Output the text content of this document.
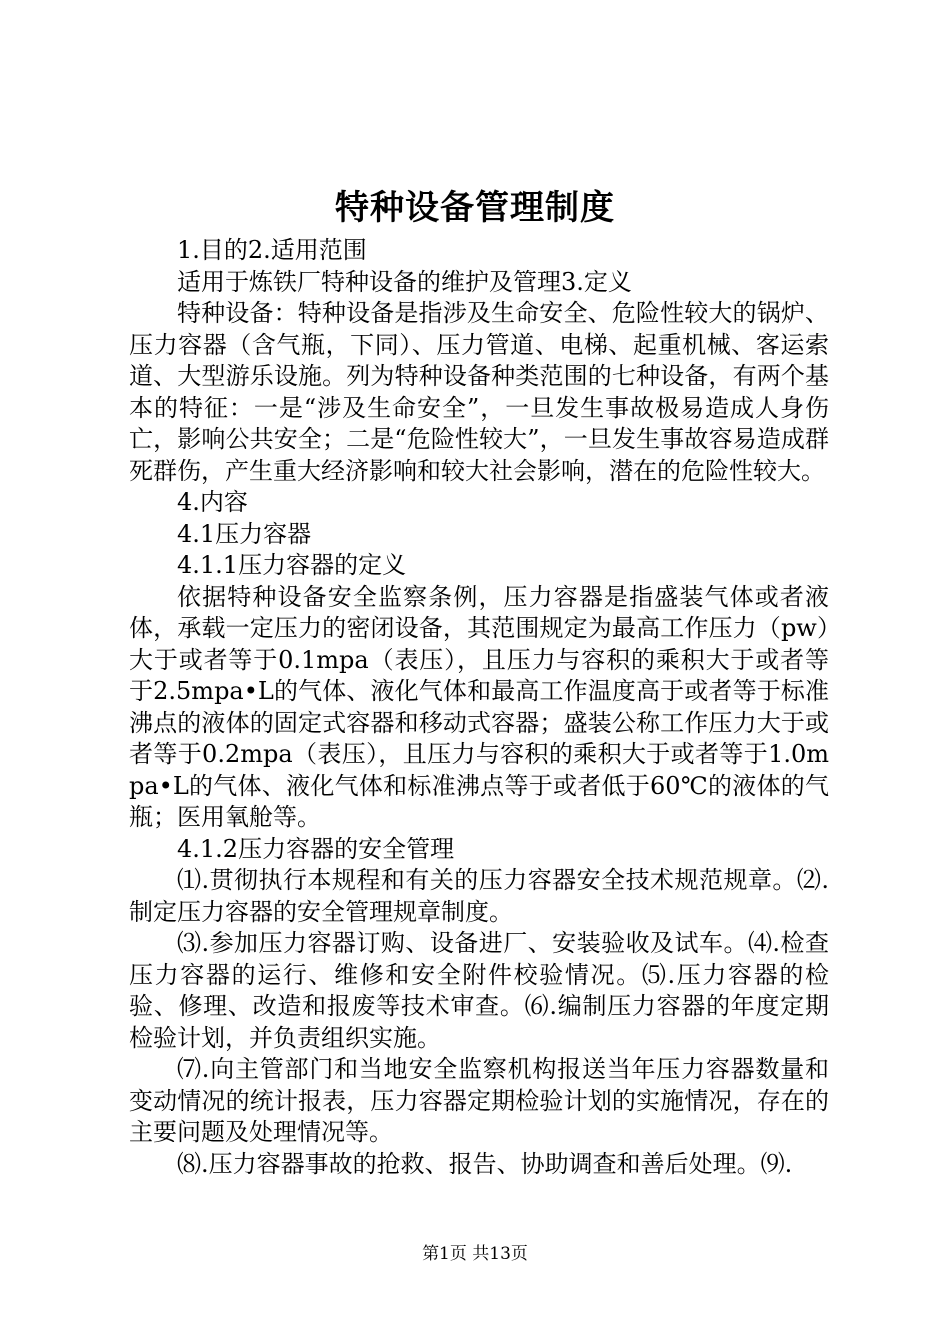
特种设备管理制度

1.目的2.适用范围

适用于炼铁厂特种设备的维护及管理3.定义

特种设备：特种设备是指涉及生命安全、危险性较大的锅炉、压力容器（含气瓶，下同）、压力管道、电梯、起重机械、客运索道、大型游乐设施。列为特种设备种类范围的七种设备，有两个基本的特征：一是“涉及生命安全”，一旦发生事故极易造成人身伤亡，影响公共安全；二是“危险性较大”，一旦发生事故容易造成群死群伤，产生重大经济影响和较大社会影响，潜在的危险性较大。

4.内容

4.1压力容器

4.1.1压力容器的定义

依据特种设备安全监察条例，压力容器是指盛装气体或者液体，承载一定压力的密闭设备，其范围规定为最高工作压力（pw）大于或者等于0.1mpa（表压），且压力与容积的乘积大于或者等于2.5mpa•L的气体、液化气体和最高工作温度高于或者等于标准沸点的液体的固定式容器和移动式容器；盛装公称工作压力大于或者等于0.2mpa（表压），且压力与容积的乘积大于或者等于1.0mpa•L的气体、液化气体和标准沸点等于或者低于60℃的液体的气瓶；医用氧舱等。

4.1.2压力容器的安全管理

⑴.贯彻执行本规程和有关的压力容器安全技术规范规章。⑵.制定压力容器的安全管理规章制度。

⑶.参加压力容器订购、设备进厂、安装验收及试车。⑷.检查压力容器的运行、维修和安全附件校验情况。⑸.压力容器的检验、修理、改造和报废等技术审查。⑹.编制压力容器的年度定期检验计划，并负责组织实施。

⑺.向主管部门和当地安全监察机构报送当年压力容器数量和变动情况的统计报表，压力容器定期检验计划的实施情况，存在的主要问题及处理情况等。

⑻.压力容器事故的抢救、报告、协助调查和善后处理。⑼.

第1页 共13页
